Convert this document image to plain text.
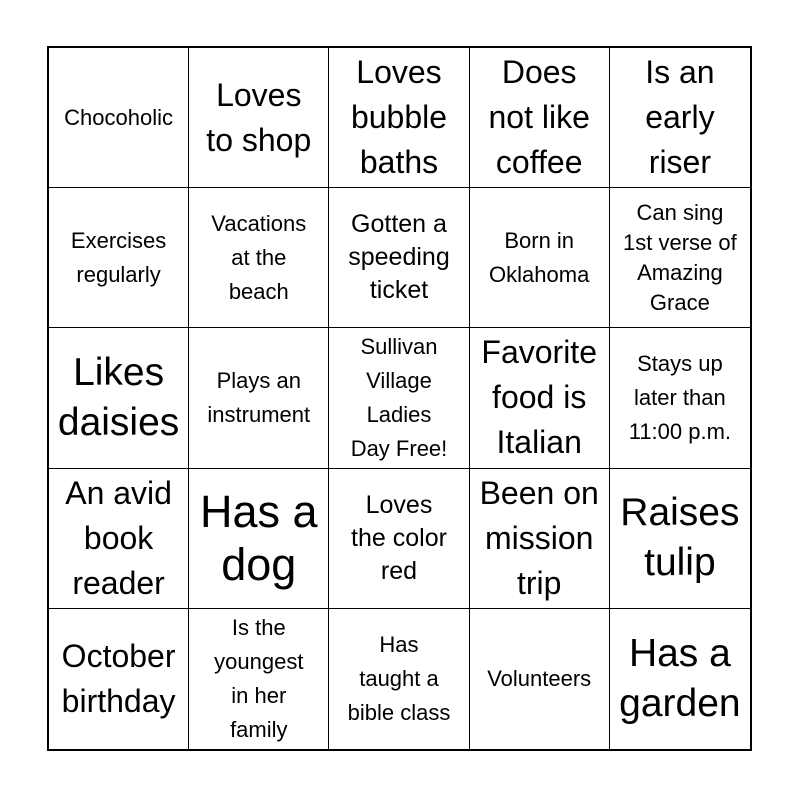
Chocoholic
Loves
to shop
Loves
bubble
baths
Does
not like
coffee
Is an
early
riser
Exercises
regularly
Vacations
at the
beach
Gotten a
speeding
ticket
Born in
Oklahoma
Can sing
1st verse of
Amazing
Grace
Likes
daisies
Plays an
instrument
Sullivan
Village
Ladies
Day Free!
Favorite
food is
Italian
Stays up
later than
11:00 p.m.
An avid
book
reader
Has a
dog
Loves
the color
red
Been on
mission
trip
Raises
tulip
October
birthday
Is the
youngest
in her
family
Has
taught a
bible class
Volunteers
Has a
garden
